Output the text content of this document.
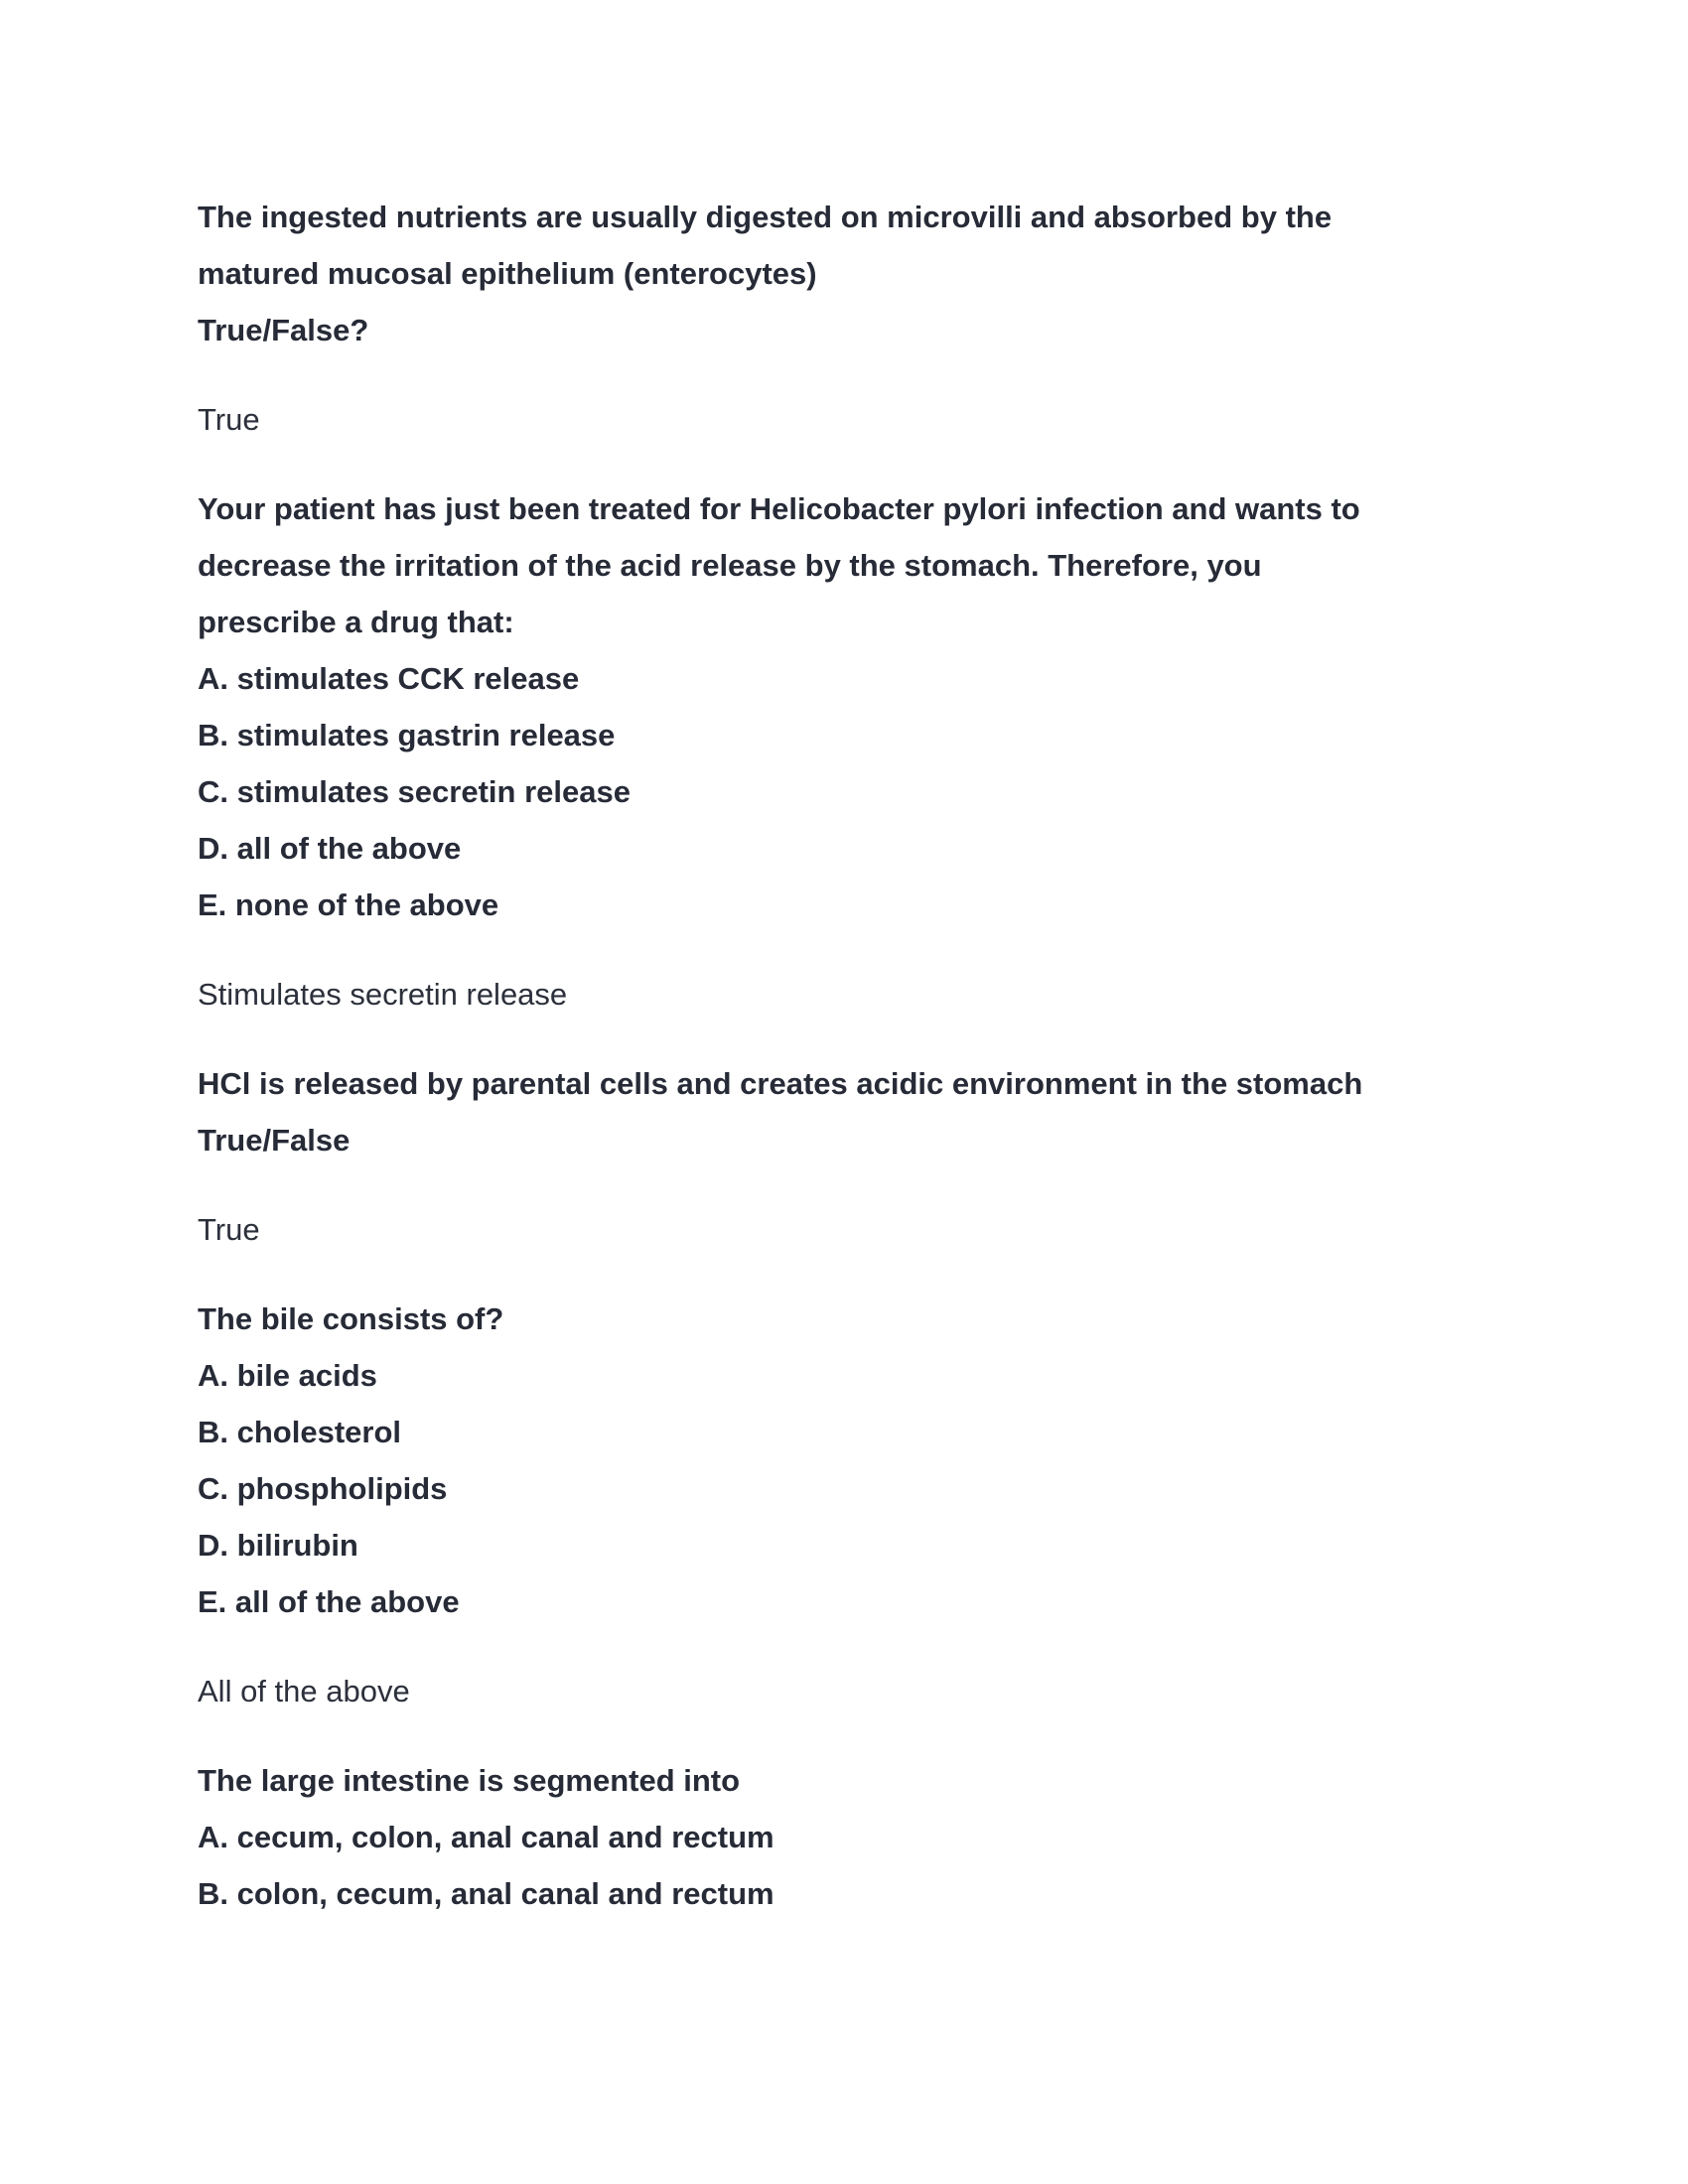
The ingested nutrients are usually digested on microvilli and absorbed by the
matured mucosal epithelium (enterocytes)
True/False?
True
Your patient has just been treated for Helicobacter pylori infection and wants to
decrease the irritation of the acid release by the stomach. Therefore, you
prescribe a drug that:
A. stimulates CCK release
B. stimulates gastrin release
C. stimulates secretin release
D. all of the above
E. none of the above
Stimulates secretin release
HCl is released by parental cells and creates acidic environment in the stomach
True/False
True
The bile consists of?
A. bile acids
B. cholesterol
C. phospholipids
D. bilirubin
E. all of the above
All of the above
The large intestine is segmented into
A. cecum, colon, anal canal and rectum
B. colon, cecum, anal canal and rectum
